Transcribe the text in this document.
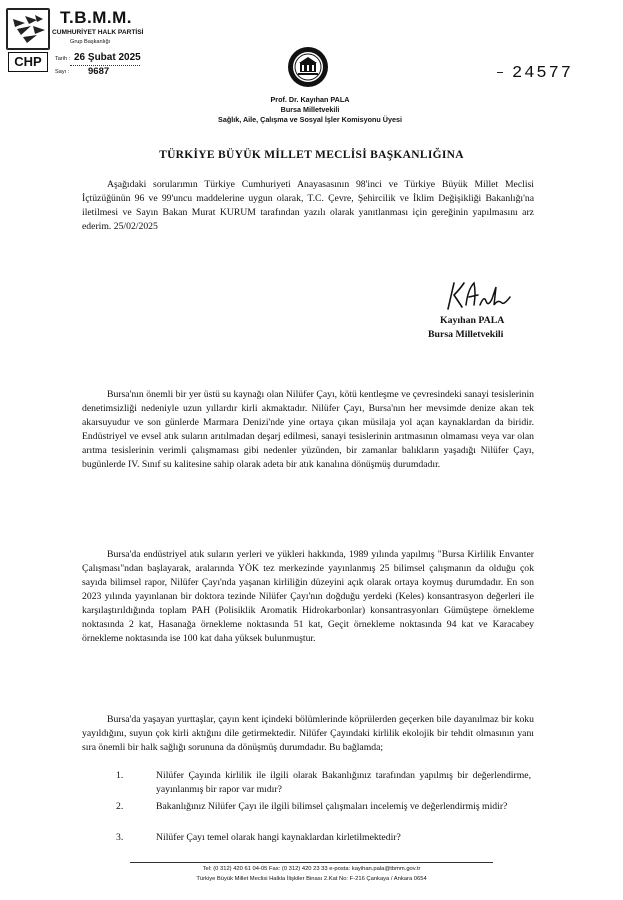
CHP
T.B.M.M.
CUMHURİYET HALK PARTİSİ
Grup Başkanlığı
Tarih : 26 Şubat 2025
Sayı : 9687	24577
Prof. Dr. Kayıhan PALA
Bursa Milletvekili
Sağlık, Aile, Çalışma ve Sosyal İşler Komisyonu Üyesi
TÜRKİYE BÜYÜK MİLLET MECLİSİ BAŞKANLIĞINA

Aşağıdaki sorularımın Türkiye Cumhuriyeti Anayasasının 98'inci ve Türkiye Büyük Millet Meclisi İçtüzüğünün 96 ve 99'uncu maddelerine uygun olarak, T.C. Çevre, Şehircilik ve İklim Değişikliği Bakanlığı'na iletilmesi ve Sayın Bakan Murat KURUM tarafından yazılı olarak yanıtlanması için gereğinin yapılmasını arz ederim. 25/02/2025

Kayıhan PALA
Bursa Milletvekili

Bursa'nın önemli bir yer üstü su kaynağı olan Nilüfer Çayı, kötü kentleşme ve çevresindeki sanayi tesislerinin denetimsizliği nedeniyle uzun yıllardır kirli akmaktadır. Nilüfer Çayı, Bursa'nın her mevsimde denize akan tek akarsuyudur ve son günlerde Marmara Denizi'nde yine ortaya çıkan müsilaja yol açan kaynaklardan da biridir. Endüstriyel ve evsel atık suların arıtılmadan deşarj edilmesi, sanayi tesislerinin arıtmasının olmaması veya var olan arıtma tesislerinin verimli çalışmaması gibi nedenler yüzünden, bir zamanlar balıkların yaşadığı Nilüfer Çayı, bugünlerde IV. Sınıf su kalitesine sahip olarak adeta bir atık kanalına dönüşmüş durumdadır.

Bursa'da endüstriyel atık suların yerleri ve yükleri hakkında, 1989 yılında yapılmış "Bursa Kirlilik Envanter Çalışması"ndan başlayarak, aralarında YÖK tez merkezinde yayınlanmış 25 bilimsel çalışmanın da olduğu çok sayıda bilimsel rapor, Nilüfer Çayı'nda yaşanan kirliliğin düzeyini açık olarak ortaya koymuş durumdadır. En son 2023 yılında yayınlanan bir doktora tezinde Nilüfer Çayı'nın doğduğu yerdeki (Keles) konsantrasyon değerleri ile karşılaştırıldığında toplam PAH (Polisiklik Aromatik Hidrokarbonlar) konsantrasyonları Gümüştepe örnekleme noktasında 2 kat, Hasanağa örnekleme noktasında 51 kat, Geçit örnekleme noktasında 94 kat ve Karacabey örnekleme noktasında ise 100 kat daha yüksek bulunmuştur.

Bursa'da yaşayan yurttaşlar, çayın kent içindeki bölümlerinde köprülerden geçerken bile dayanılmaz bir koku yayıldığını, suyun çok kirli aktığını dile getirmektedir. Nilüfer Çayındaki kirlilik ekolojik bir tehdit olmasının yanı sıra önemli bir halk sağlığı sorununa da dönüşmüş durumdadır. Bu bağlamda;

1.	Nilüfer Çayında kirlilik ile ilgili olarak Bakanlığınız tarafından yapılmış bir değerlendirme, yayınlanmış bir rapor var mıdır?
2.	Bakanlığınız Nilüfer Çayı ile ilgili bilimsel çalışmaları incelemiş ve değerlendirmiş midir?
3.	Nilüfer Çayı temel olarak hangi kaynaklardan kirletilmektedir?
Tel: (0 312) 420 61 04-05 Fax: (0 312) 420 23 33 e-posta: kayihan.pala@tbmm.gov.tr
Türkiye Büyük Millet Meclisi Halkla İlişkiler Binası 2.Kat No: F-216 Çankaya / Ankara 0654
